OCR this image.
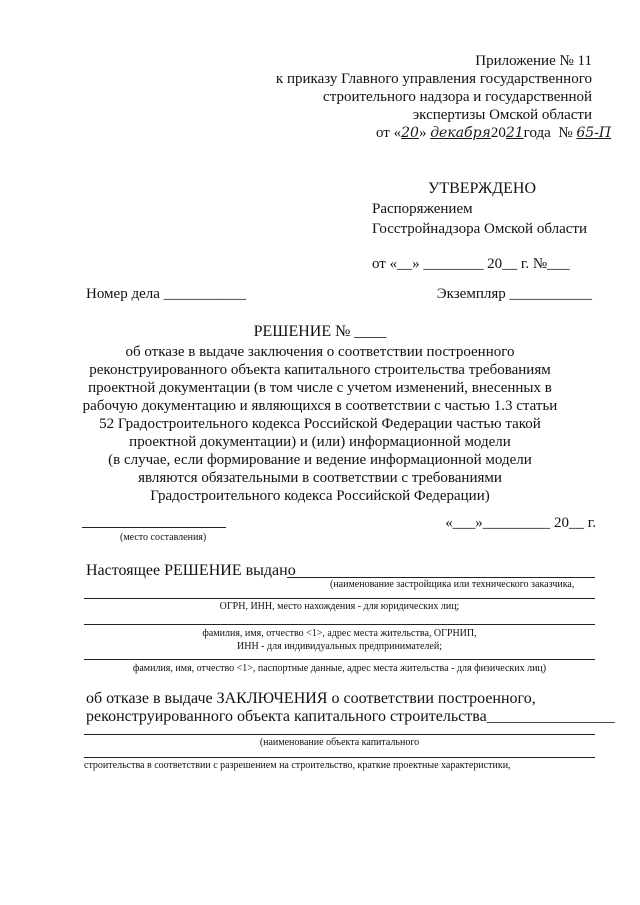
Приложение № 11
к приказу Главного управления государственного
строительного надзора и государственной
экспертизы Омской области
от «20» декабря2021года № 65-П
УТВЕРЖДЕНО
Распоряжением
Госстройнадзора Омской области
от «__» ________ 20__ г. №___
Номер дела ___________	Экземпляр ___________
РЕШЕНИЕ № ____
об отказе в выдаче заключения о соответствии построенного
реконструированного объекта капитального строительства требованиям
проектной документации (в том числе с учетом изменений, внесенных в
рабочую документацию и являющихся в соответствии с частью 1.3 статьи
52 Градостроительного кодекса Российской Федерации частью такой
проектной документации) и (или) информационной модели
(в случае, если формирование и ведение информационной модели
являются обязательными в соответствии с требованиями
Градостроительного кодекса Российской Федерации)
(место составления)
«___»_________ 20__ г.
Настоящее РЕШЕНИЕ выдано
(наименование застройщика или технического заказчика,
ОГРН, ИНН, место нахождения - для юридических лиц;
фамилия, имя, отчество <1>, адрес места жительства, ОГРНИП,
ИНН - для индивидуальных предпринимателей;
фамилия, имя, отчество <1>, паспортные данные, адрес места жительства - для физических лиц)
об отказе в выдаче ЗАКЛЮЧЕНИЯ о соответствии построенного,
реконструированного объекта капитального строительства________________
(наименование объекта капитального
строительства в соответствии с разрешением на строительство, краткие проектные характеристики,
